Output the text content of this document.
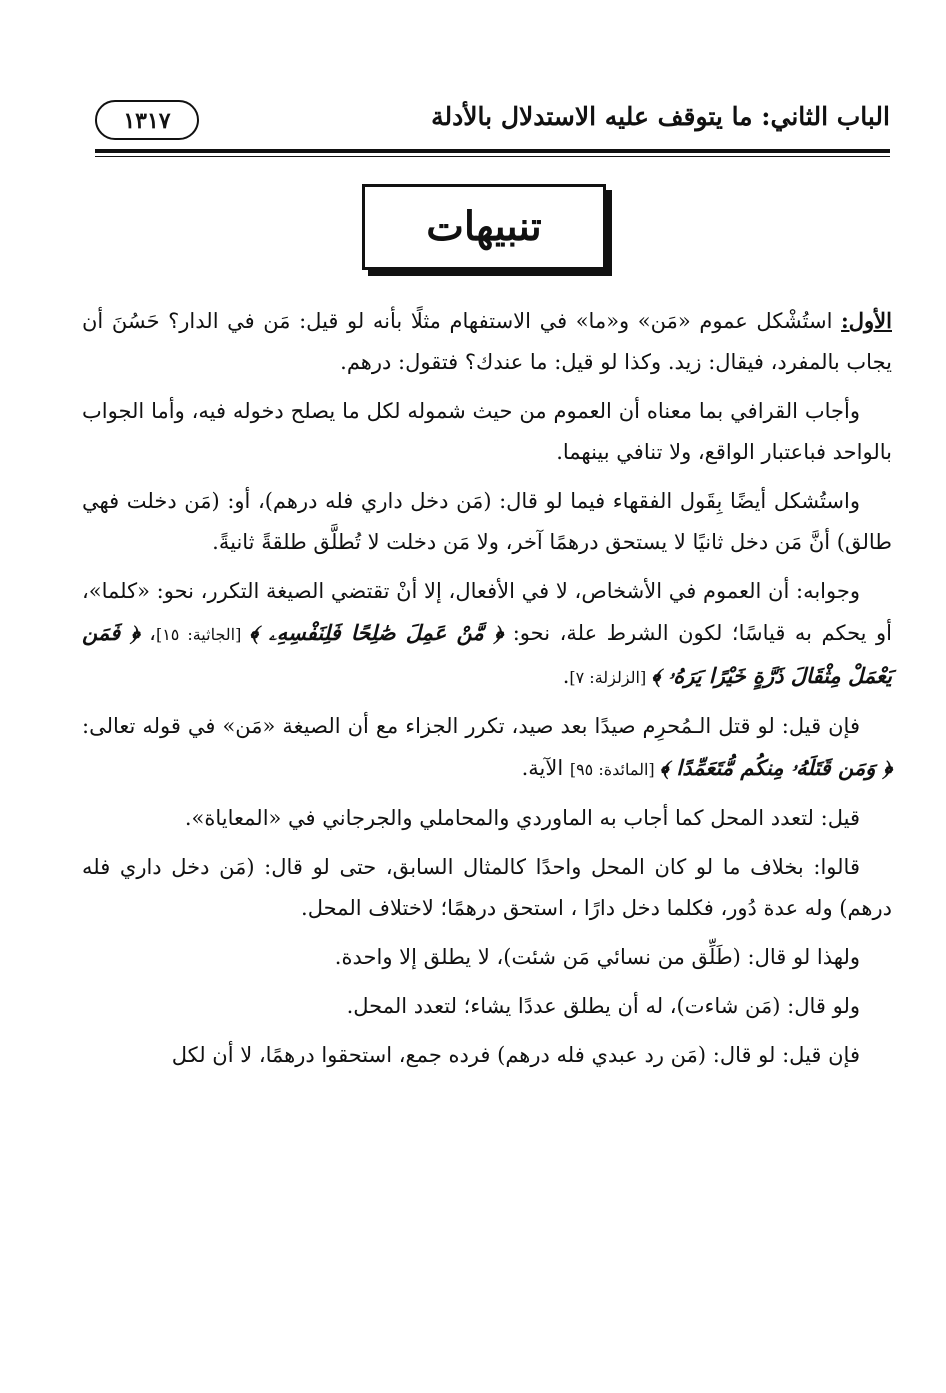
الباب الثاني: ما يتوقف عليه الاستدلال بالأدلة
١٣١٧
تنبيهات

الأول: استُشْكل عموم «مَن» و«ما» في الاستفهام مثلًا بأنه لو قيل: مَن في الدار؟ حَسُنَ أن يجاب بالمفرد، فيقال: زيد. وكذا لو قيل: ما عندك؟ فتقول: درهم.

وأجاب القرافي بما معناه أن العموم من حيث شموله لكل ما يصلح دخوله فيه، وأما الجواب بالواحد فباعتبار الواقع، ولا تنافي بينهما.

واستُشكل أيضًا بِقَول الفقهاء فيما لو قال: (مَن دخل داري فله درهم)، أو: (مَن دخلت فهي طالق) أنَّ مَن دخل ثانيًا لا يستحق درهمًا آخر، ولا مَن دخلت لا تُطلَّق طلقةً ثانيةً.

وجوابه: أن العموم في الأشخاص، لا في الأفعال، إلا أنْ تقتضي الصيغة التكرر، نحو: «كلما»، أو يحكم به قياسًا؛ لكون الشرط علة، نحو: ﴿ مَّنْ عَمِلَ صَٰلِحًا فَلِنَفْسِهِۦ ﴾ [الجاثية: ١٥]، ﴿ فَمَن يَعْمَلْ مِثْقَالَ ذَرَّةٍ خَيْرًا يَرَهُۥ ﴾ [الزلزلة: ٧].

فإن قيل: لو قتل الـمُحرِم صيدًا بعد صيد، تكرر الجزاء مع أن الصيغة «مَن» في قوله تعالى: ﴿ وَمَن قَتَلَهُۥ مِنكُم مُّتَعَمِّدًا ﴾ [المائدة: ٩٥] الآية.

قيل: لتعدد المحل كما أجاب به الماوردي والمحاملي والجرجاني في «المعاياة».

قالوا: بخلاف ما لو كان المحل واحدًا كالمثال السابق، حتى لو قال: (مَن دخل داري فله درهم) وله عدة دُور، فكلما دخل دارًا ، استحق درهمًا؛ لاختلاف المحل.

ولهذا لو قال: (طَلِّق من نسائي مَن شئت)، لا يطلق إلا واحدة.

ولو قال: (مَن شاءت)، له أن يطلق عددًا يشاء؛ لتعدد المحل.

فإن قيل: لو قال: (مَن رد عبدي فله درهم) فرده جمع، استحقوا درهمًا، لا أن لكل
